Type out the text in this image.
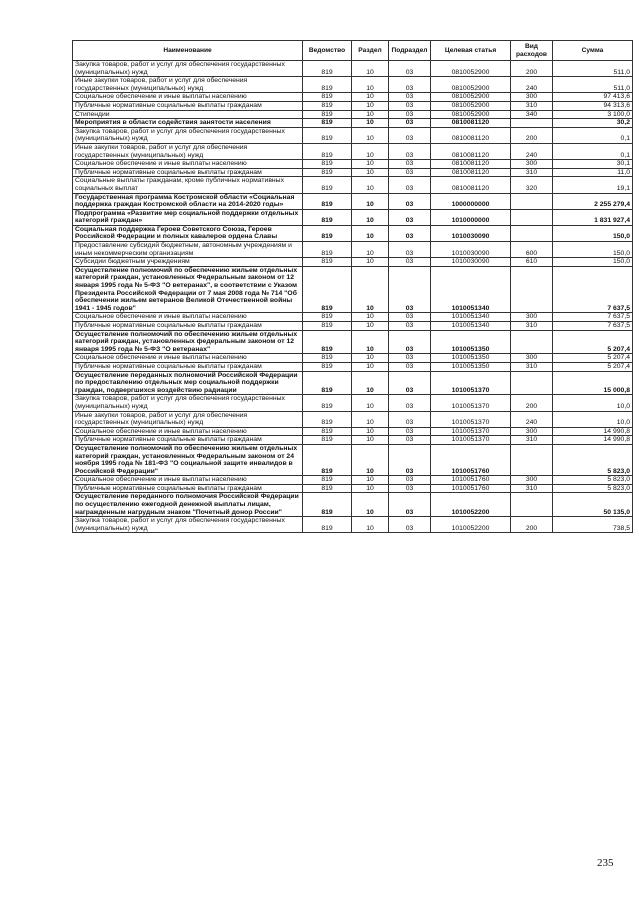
Наименование	Ведомство	Раздел	Подраздел	Целевая статья	Вид расходов	Сумма
Закупка товаров, работ и услуг для обеспечения государственных (муниципальных) нужд	819	10	03	0810052900	200	511,0
Иные закупки товаров, работ и услуг для обеспечения государственных (муниципальных) нужд	819	10	03	0810052900	240	511,0
Социальное обеспечение и иные выплаты населению	819	10	03	0810052900	300	97 413,6
Публичные нормативные социальные выплаты гражданам	819	10	03	0810052900	310	94 313,6
Стипендии	819	10	03	0810052900	340	3 100,0
Мероприятия в области содействия занятости населения	819	10	03	0810081120		30,2
Закупка товаров, работ и услуг для обеспечения государственных (муниципальных) нужд	819	10	03	0810081120	200	0,1
Иные закупки товаров, работ и услуг для обеспечения государственных (муниципальных) нужд	819	10	03	0810081120	240	0,1
Социальное обеспечение и иные выплаты населению	819	10	03	0810081120	300	30,1
Публичные нормативные социальные выплаты гражданам	819	10	03	0810081120	310	11,0
Социальные выплаты гражданам, кроме публичных нормативных социальных выплат	819	10	03	0810081120	320	19,1
Государственная программа Костромской области «Социальная поддержка граждан Костромской области на 2014-2020 годы»	819	10	03	1000000000		2 255 279,4
Подпрограмма «Развитие мер социальной поддержки отдельных категорий граждан»	819	10	03	1010000000		1 831 927,4
Социальная поддержка Героев Советского Союза, Героев Российской Федерации и полных кавалеров ордена Славы	819	10	03	1010030090		150,0
Предоставление субсидий бюджетным, автономным учреждениям и иным некоммерческим организациям	819	10	03	1010030090	600	150,0
Субсидии бюджетным учреждениям	819	10	03	1010030090	610	150,0
Осуществление полномочий по обеспечению жильем отдельных категорий граждан, установленных Федеральным законом от 12 января 1995 года № 5-ФЗ "О ветеранах", в соответствии с Указом Президента Российской Федерации от 7 мая 2008 года № 714 "Об обеспечении жильем ветеранов Великой Отечественной войны 1941 - 1945 годов"	819	10	03	1010051340		7 637,5
Социальное обеспечение и иные выплаты населению	819	10	03	1010051340	300	7 637,5
Публичные нормативные социальные выплаты гражданам	819	10	03	1010051340	310	7 637,5
Осуществление полномочий по обеспечению жильем отдельных категорий граждан, установленных федеральным законом от 12 января 1995 года № 5-ФЗ "О ветеранах"	819	10	03	1010051350		5 207,4
Социальное обеспечение и иные выплаты населению	819	10	03	1010051350	300	5 207,4
Публичные нормативные социальные выплаты гражданам	819	10	03	1010051350	310	5 207,4
Осуществление переданных полномочий Российской Федерации по предоставлению отдельных мер социальной поддержки граждан, подвергшихся воздействию радиации	819	10	03	1010051370		15 000,8
Закупка товаров, работ и услуг для обеспечения государственных (муниципальных) нужд	819	10	03	1010051370	200	10,0
Иные закупки товаров, работ и услуг для обеспечения государственных (муниципальных) нужд	819	10	03	1010051370	240	10,0
Социальное обеспечение и иные выплаты населению	819	10	03	1010051370	300	14 990,8
Публичные нормативные социальные выплаты гражданам	819	10	03	1010051370	310	14 990,8
Осуществление полномочий по обеспечению жильем отдельных категорий граждан, установленных Федеральным законом от 24 ноября 1995 года № 181-ФЗ "О социальной защите инвалидов в Российской Федерации"	819	10	03	1010051760		5 823,0
Социальное обеспечение и иные выплаты населению	819	10	03	1010051760	300	5 823,0
Публичные нормативные социальные выплаты гражданам	819	10	03	1010051760	310	5 823,0
Осуществление переданного полномочия Российской Федерации по осуществлению ежегодной денежной выплаты лицам, награжденным нагрудным знаком "Почетный донор России"	819	10	03	1010052200		50 135,0
Закупка товаров, работ и услуг для обеспечения государственных (муниципальных) нужд	819	10	03	1010052200	200	738,5
235
